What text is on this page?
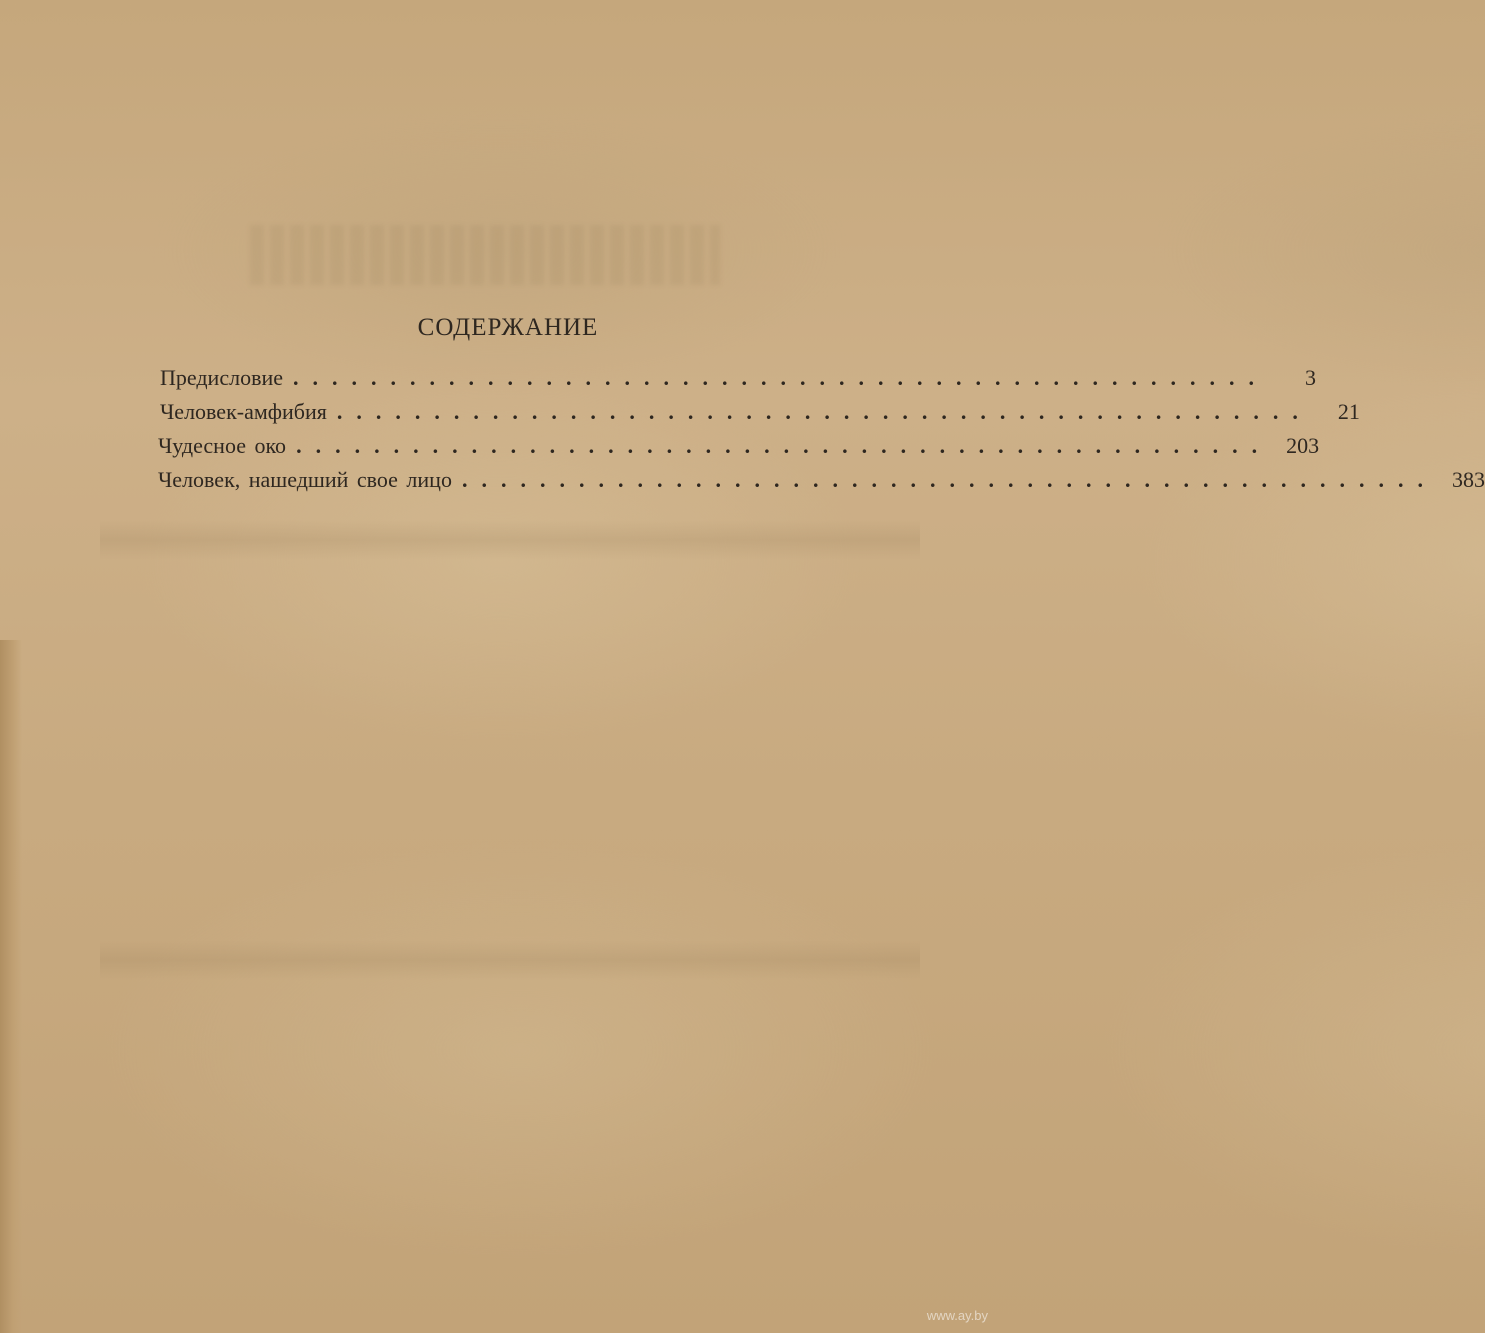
СОДЕРЖАНИЕ
Предисловие ..................................................	3
Человек-амфибия ..................................................	21
Чудесное око .................................................. 203
Человек, нашедший свое лицо .................................................. 383
www.ay.by
